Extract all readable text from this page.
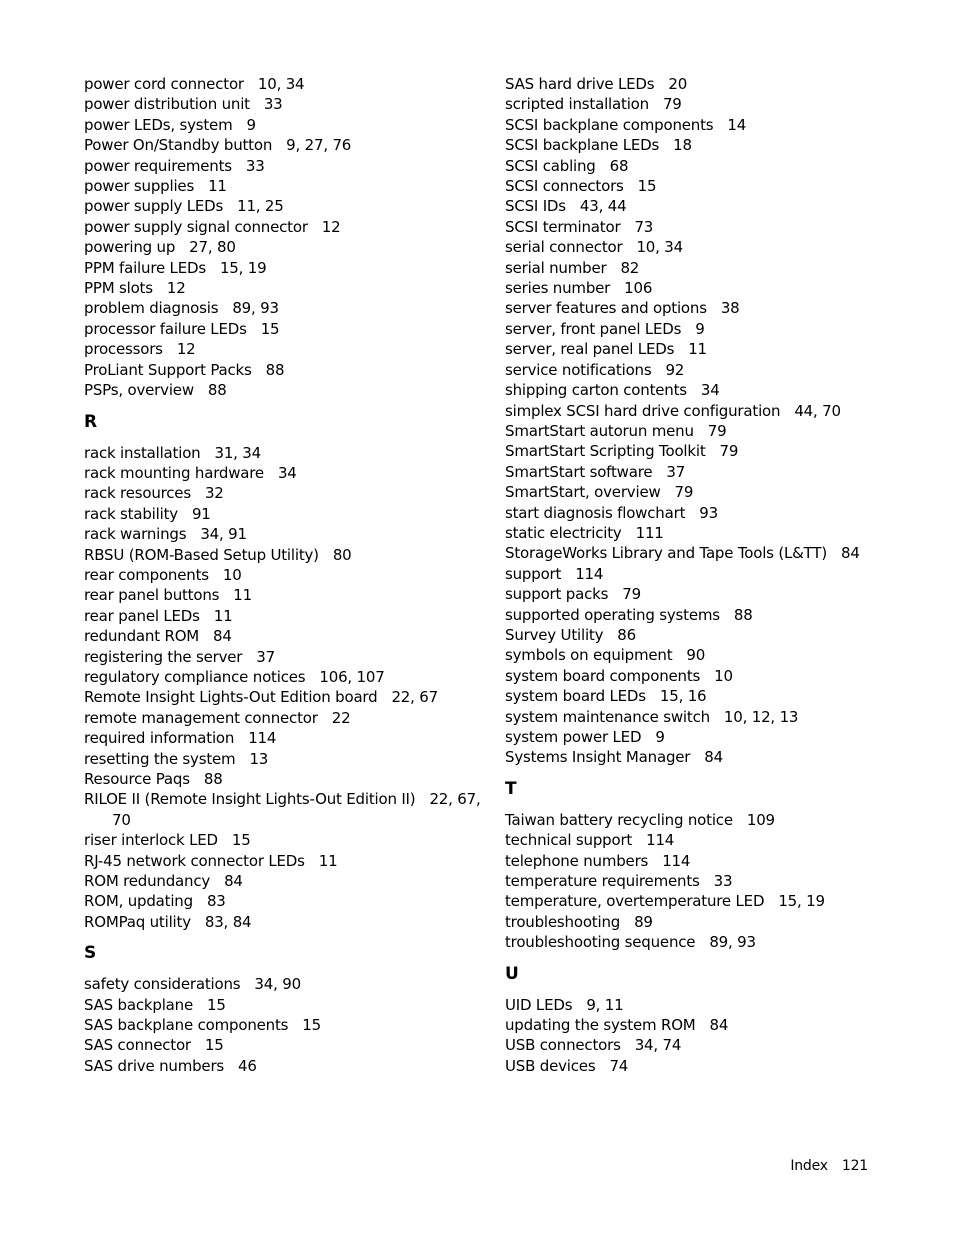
power cord connector 10, 34
power distribution unit 33
power LEDs, system 9
Power On/Standby button 9, 27, 76
power requirements 33
power supplies 11
power supply LEDs 11, 25
power supply signal connector 12
powering up 27, 80
PPM failure LEDs 15, 19
PPM slots 12
problem diagnosis 89, 93
processor failure LEDs 15
processors 12
ProLiant Support Packs 88
PSPs, overview 88
R
rack installation 31, 34
rack mounting hardware 34
rack resources 32
rack stability 91
rack warnings 34, 91
RBSU (ROM-Based Setup Utility) 80
rear components 10
rear panel buttons 11
rear panel LEDs 11
redundant ROM 84
registering the server 37
regulatory compliance notices 106, 107
Remote Insight Lights-Out Edition board 22, 67
remote management connector 22
required information 114
resetting the system 13
Resource Paqs 88
RILOE II (Remote Insight Lights-Out Edition II) 22, 67, 70
riser interlock LED 15
RJ-45 network connector LEDs 11
ROM redundancy 84
ROM, updating 83
ROMPaq utility 83, 84
S
safety considerations 34, 90
SAS backplane 15
SAS backplane components 15
SAS connector 15
SAS drive numbers 46
SAS hard drive LEDs 20
scripted installation 79
SCSI backplane components 14
SCSI backplane LEDs 18
SCSI cabling 68
SCSI connectors 15
SCSI IDs 43, 44
SCSI terminator 73
serial connector 10, 34
serial number 82
series number 106
server features and options 38
server, front panel LEDs 9
server, real panel LEDs 11
service notifications 92
shipping carton contents 34
simplex SCSI hard drive configuration 44, 70
SmartStart autorun menu 79
SmartStart Scripting Toolkit 79
SmartStart software 37
SmartStart, overview 79
start diagnosis flowchart 93
static electricity 111
StorageWorks Library and Tape Tools (L&TT) 84
support 114
support packs 79
supported operating systems 88
Survey Utility 86
symbols on equipment 90
system board components 10
system board LEDs 15, 16
system maintenance switch 10, 12, 13
system power LED 9
Systems Insight Manager 84
T
Taiwan battery recycling notice 109
technical support 114
telephone numbers 114
temperature requirements 33
temperature, overtemperature LED 15, 19
troubleshooting 89
troubleshooting sequence 89, 93
U
UID LEDs 9, 11
updating the system ROM 84
USB connectors 34, 74
USB devices 74
Index 121
